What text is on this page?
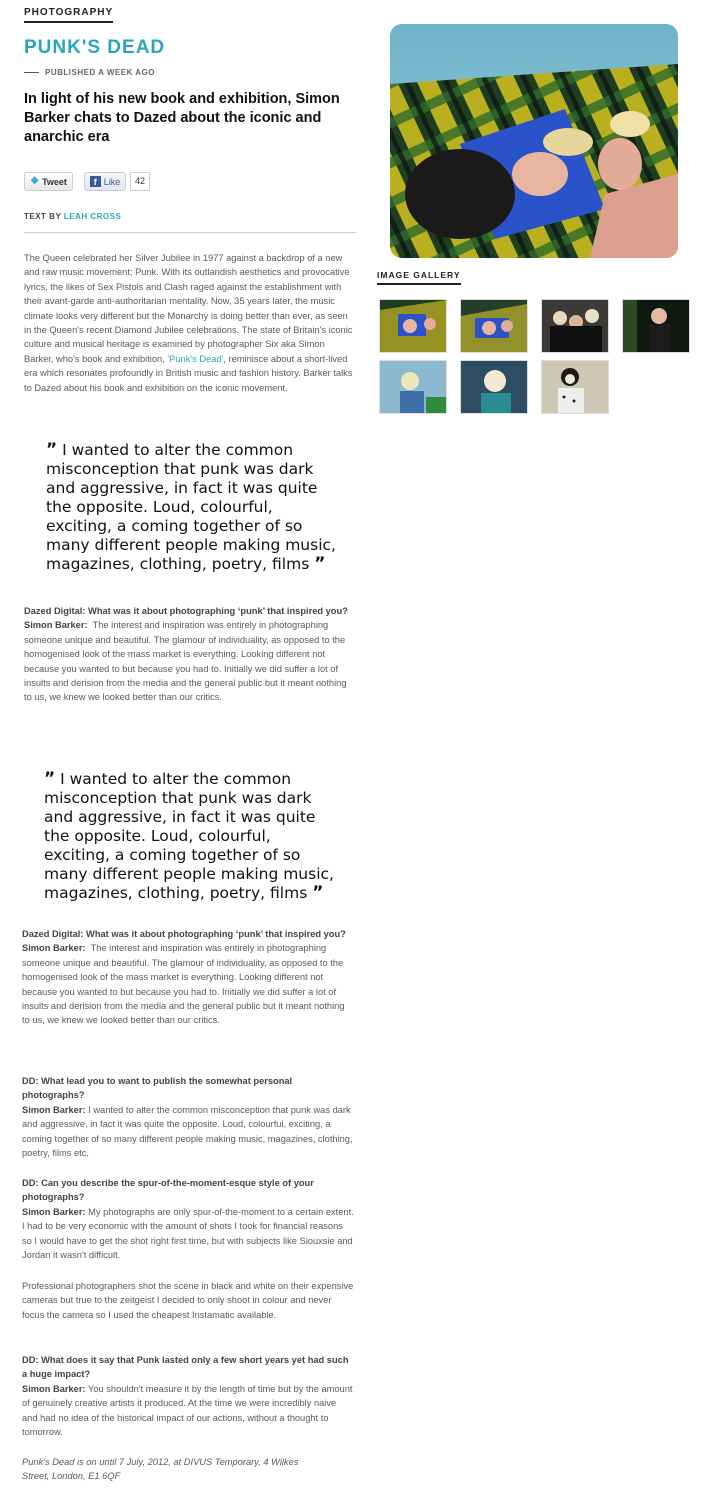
PHOTOGRAPHY
PUNK'S DEAD
PUBLISHED A WEEK AGO
In light of his new book and exhibition, Simon Barker chats to Dazed about the iconic and anarchic era
❖ Tweet	f Like	42
TEXT BY LEAH CROSS
The Queen celebrated her Silver Jubilee in 1977 against a backdrop of a new and raw music movement; Punk. With its outlandish aesthetics and provocative lyrics, the likes of Sex Pistols and Clash raged against the establishment with their avant-garde anti-authoritarian mentality. Now, 35 years later, the music climate looks very different but the Monarchy is doing better than ever, as seen in the Queen's recent Diamond Jubilee celebrations. The state of Britain's iconic culture and musical heritage is examined by photographer Six aka Simon Barker, who's book and exhibition, 'Punk's Dead', reminisce about a short-lived era which resonates profoundly in British music and fashion history. Barker talks to Dazed about his book and exhibition on the iconic movement.
” I wanted to alter the common misconception that punk was dark and aggressive, in fact it was quite the opposite. Loud, colourful, exciting, a coming together of so many different people making music, magazines, clothing, poetry, films ”
Dazed Digital: What was it about photographing ‘punk’ that inspired you?
Simon Barker: The interest and inspiration was entirely in photographing someone unique and beautiful. The glamour of individuality, as opposed to the homogenised look of the mass market is everything. Looking different not because you wanted to but because you had to. Initially we did suffer a lot of insults and derision from the media and the general public but it meant nothing to us, we knew we looked better than our critics.
” I wanted to alter the common misconception that punk was dark and aggressive, in fact it was quite the opposite. Loud, colourful, exciting, a coming together of so many different people making music, magazines, clothing, poetry, films ”
Dazed Digital: What was it about photographing ‘punk’ that inspired you?
Simon Barker: The interest and inspiration was entirely in photographing someone unique and beautiful. The glamour of individuality, as opposed to the homogenised look of the mass market is everything. Looking different not because you wanted to but because you had to. Initially we did suffer a lot of insults and derision from the media and the general public but it meant nothing to us, we knew we looked better than our critics.
DD: What lead you to want to publish the somewhat personal photographs?
Simon Barker: I wanted to alter the common misconception that punk was dark and aggressive, in fact it was quite the opposite. Loud, colourful, exciting, a coming together of so many different people making music, magazines, clothing, poetry, films etc.
DD: Can you describe the spur-of-the-moment-esque style of your photographs?
Simon Barker: My photographs are only spur-of-the-moment to a certain extent. I had to be very economic with the amount of shots I took for financial reasons so I would have to get the shot right first time, but with subjects like Siouxsie and Jordan it wasn't difficult.
Professional photographers shot the scene in black and white on their expensive cameras but true to the zeitgeist I decided to only shoot in colour and never focus the camera so I used the cheapest Instamatic available.
DD: What does it say that Punk lasted only a few short years yet had such a huge impact?
Simon Barker: You shouldn't measure it by the length of time but by the amount of genuinely creative artists it produced. At the time we were incredibly naive and had no idea of the historical impact of our actions, without a thought to tomorrow.
Punk's Dead is on until 7 July, 2012, at DIVUS Temporary, 4 Wilkes Street, London, E1 6QF
IMAGE GALLERY
